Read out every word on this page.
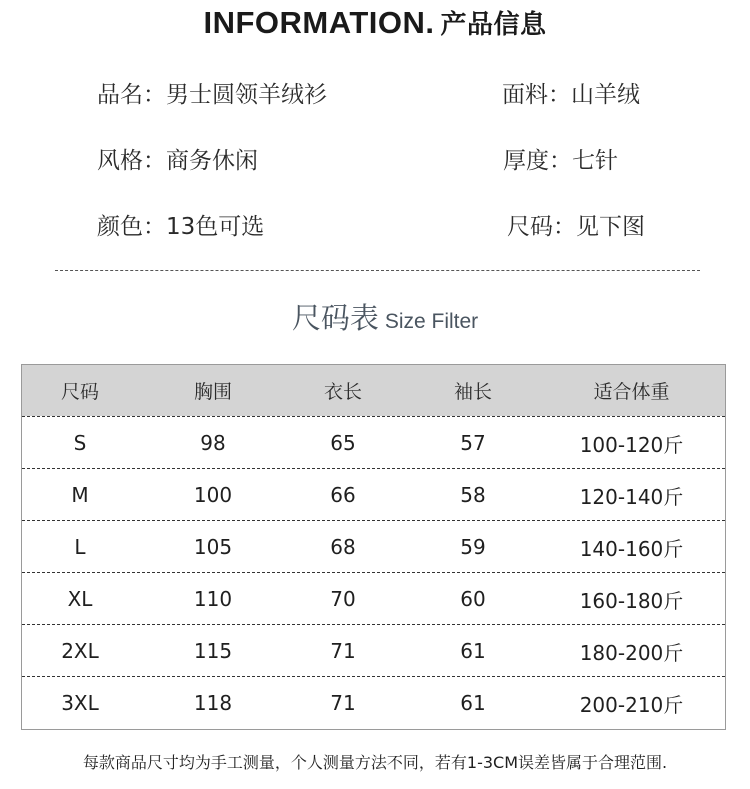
INFORMATION. 产品信息
品名：男士圆领羊绒衫	面料：山羊绒
风格：商务休闲	厚度：七针
颜色：13色可选	尺码：见下图
尺码表 Size Filter
尺码	胸围	衣长	袖长	适合体重
S	98	65	57	100-120斤
M	100	66	58	120-140斤
L	105	68	59	140-160斤
XL	110	70	60	160-180斤
2XL	115	71	61	180-200斤
3XL	118	71	61	200-210斤
每款商品尺寸均为手工测量，个人测量方法不同，若有1-3CM误差皆属于合理范围.
